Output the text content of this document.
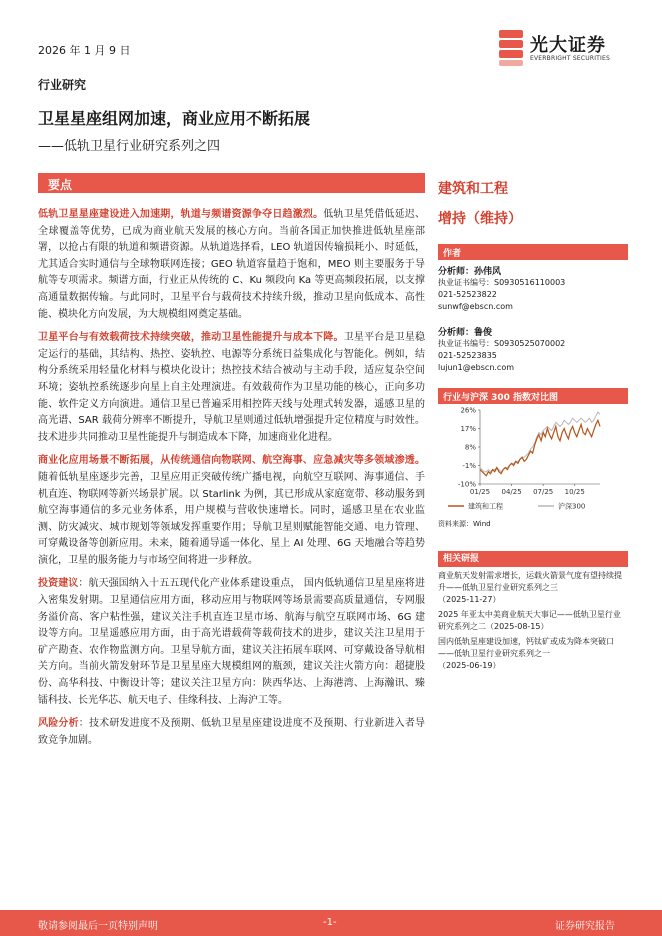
2026 年 1 月 9 日	光大证券
EVERBRIGHT SECURITIES
行业研究
卫星星座组网加速，商业应用不断拓展
——低轨卫星行业研究系列之四
要点

低轨卫星星座建设进入加速期，轨道与频谱资源争夺日趋激烈。低轨卫星凭借低延迟、全球覆盖等优势，已成为商业航天发展的核心方向。当前各国正加快推进低轨星座部署，以抢占有限的轨道和频谱资源。从轨道选择看，LEO 轨道因传输损耗小、时延低，尤其适合实时通信与全球物联网连接；GEO 轨道容量趋于饱和，MEO 则主要服务于导航等专项需求。频谱方面，行业正从传统的 C、Ku 频段向 Ka 等更高频段拓展，以支撑高通量数据传输。与此同时，卫星平台与载荷技术持续升级，推动卫星向低成本、高性能、模块化方向发展，为大规模组网奠定基础。

卫星平台与有效载荷技术持续突破，推动卫星性能提升与成本下降。卫星平台是卫星稳定运行的基础，其结构、热控、姿轨控、电源等分系统日益集成化与智能化。例如，结构分系统采用轻量化材料与模块化设计；热控技术结合被动与主动手段，适应复杂空间环境；姿轨控系统逐步向星上自主处理演进。有效载荷作为卫星功能的核心，正向多功能、软件定义方向演进。通信卫星已普遍采用相控阵天线与处理式转发器，遥感卫星的高光谱、SAR 载荷分辨率不断提升，导航卫星则通过低轨增强提升定位精度与时效性。技术进步共同推动卫星性能提升与制造成本下降，加速商业化进程。

商业化应用场景不断拓展，从传统通信向物联网、航空海事、应急减灾等多领域渗透。随着低轨星座逐步完善，卫星应用正突破传统广播电视，向航空互联网、海事通信、手机直连、物联网等新兴场景扩展。以 Starlink 为例，其已形成从家庭宽带、移动服务到航空海事通信的多元业务体系，用户规模与营收快速增长。同时，遥感卫星在农业监测、防灾减灾、城市规划等领域发挥重要作用；导航卫星则赋能智能交通、电力管理、可穿戴设备等创新应用。未来，随着通导遥一体化、星上 AI 处理、6G 天地融合等趋势演化，卫星的服务能力与市场空间将进一步释放。

投资建议：航天强国纳入十五五现代化产业体系建设重点， 国内低轨通信卫星星座将进入密集发射期。卫星通信应用方面，移动应用与物联网等场景需要高质量通信，专网服务溢价高、客户粘性强，建议关注手机直连卫星市场、航海与航空互联网市场、6G 建设等方向。卫星遥感应用方面，由于高光谱载荷等载荷技术的进步，建议关注卫星用于矿产勘查、农作物监测方向。卫星导航方面，建议关注拓展车联网、可穿戴设备导航相关方向。当前火箭发射环节是卫星星座大规模组网的瓶颈，建议关注火箭方向：超捷股份、高华科技、中衡设计等；建议关注卫星方向：陕西华达、上海港湾、上海瀚讯、臻镭科技、长光华芯、航天电子、佳缘科技、上海沪工等。

风险分析：技术研发进度不及预期、低轨卫星星座建设进度不及预期、行业新进入者导致竞争加剧。

建筑和工程
增持（维持）
作者
分析师：孙伟风
执业证书编号：S0930516110003
021-52523822
sunwf@ebscn.com
分析师：鲁俊
执业证书编号：S0930525070002
021-52523835
lujun1@ebscn.com
行业与沪深 300 指数对比图
26%
17%
8%
-1%
-10%
01/25 04/25 07/25 10/25
建筑和工程	沪深300
资料来源：Wind
相关研报
商业航天发射需求增长，运载火箭景气度有望持续提升——低轨卫星行业研究系列之三
（2025-11-27）
2025 年亚太中美商业航天大事记——低轨卫星行业研究系列之二（2025-08-15）
国内低轨星座建设加速，钙钛矿或成为降本突破口——低轨卫星行业研究系列之一
（2025-06-19）
敬请参阅最后一页特别声明	-1-	证券研究报告
